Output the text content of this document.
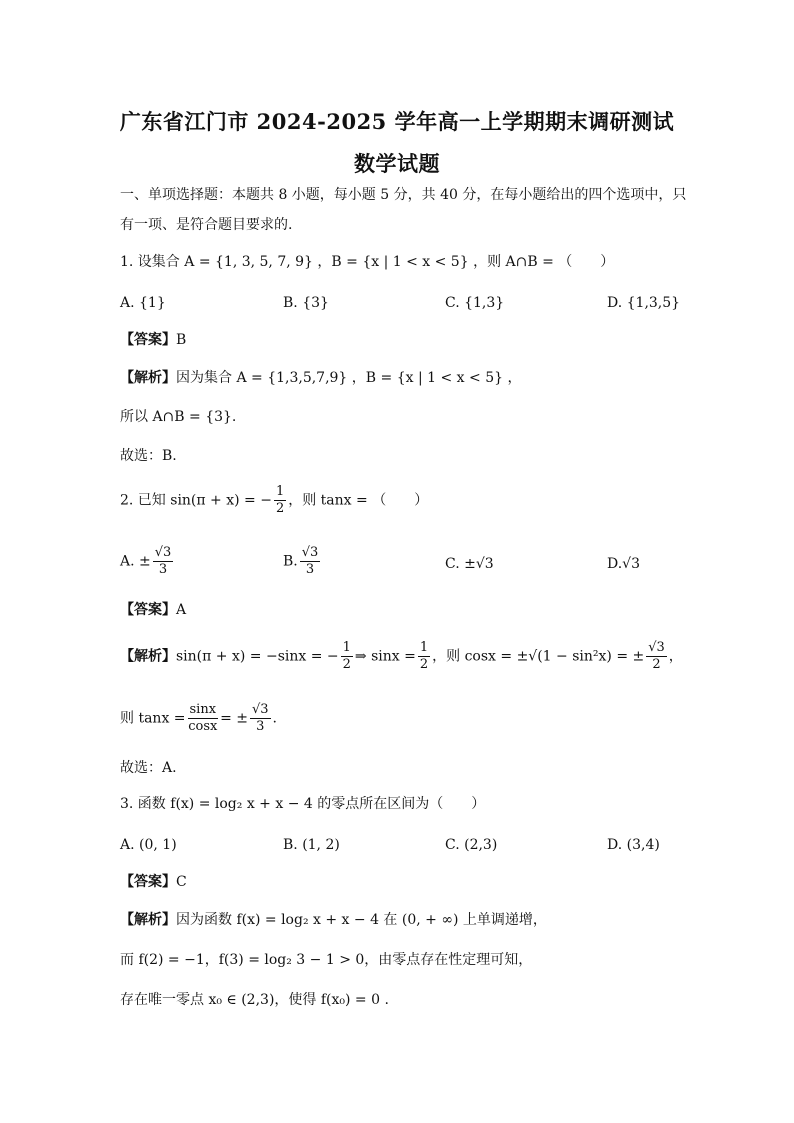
广东省江门市 2024-2025 学年高一上学期期末调研测试
数学试题
一、单项选择题：本题共 8 小题，每小题 5 分，共 40 分，在每小题给出的四个选项中，只
有一项、是符合题目要求的.
1. 设集合 A = {1, 3, 5, 7, 9} ，B = {x | 1 < x < 5} ，则 A∩B = （　　）
A. {1}	B. {3}	C. {1,3}	D. {1,3,5}
【答案】B
【解析】因为集合 A = {1,3,5,7,9} ，B = {x | 1 < x < 5} ，
所以 A∩B = {3}.
故选：B.
2. 已知 sin(π + x) = − $\frac{1}{2}$ ，则 tanx = （　　）
A. ± $\frac{√3}{3}$	B. $\frac{√3}{3}$	C. ±√3	D.√3
【答案】A
【解析】sin(π + x) = −sinx = − $\frac{1}{2}$ ⇒ $\sin x = \frac{1}{2}$ ，则 cosx = ±√(1 − sin²x) = ± $\frac{√3}{2}$ ，
则 $\tan x = \frac{\sin x}{\cos x}$ = ± $\frac{√3}{3}$ .
故选：A.
3. 函数 f(x) = log₂ x + x − 4 的零点所在区间为（　　）
A. (0, 1)	B. (1, 2)	C. (2,3)	D. (3,4)
【答案】C
【解析】因为函数 f(x) = log₂ x + x − 4 在 (0, + ∞) 上单调递增，
而 f(2) = −1，f(3) = log₂ 3 − 1 > 0，由零点存在性定理可知，
存在唯一零点 x₀ ∈ (2,3)，使得 f(x₀) = 0 .
